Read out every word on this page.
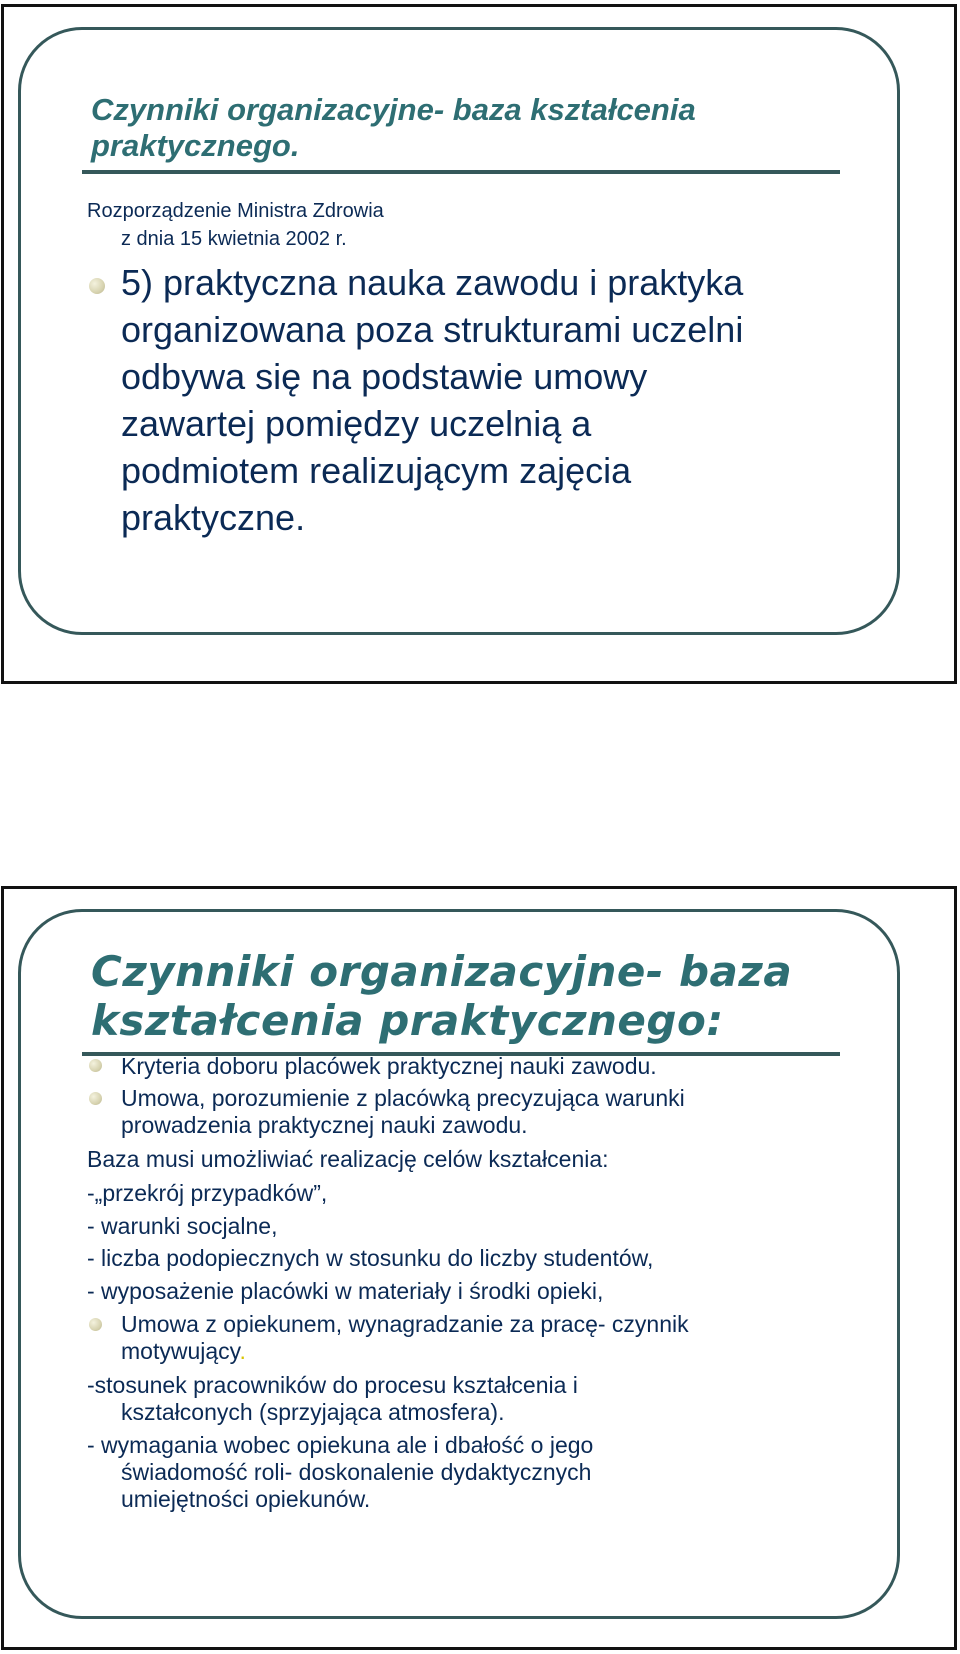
Czynniki organizacyjne- baza kształcenia
praktycznego.

Rozporządzenie Ministra Zdrowia

z dnia 15 kwietnia 2002 r.

5) praktyczna nauka zawodu i praktyka

organizowana poza strukturami uczelni

odbywa się na podstawie umowy

zawartej pomiędzy uczelnią a

podmiotem realizującym zajęcia

praktyczne.

Czynniki organizacyjne- baza
kształcenia praktycznego:

Kryteria doboru placówek praktycznej nauki zawodu.

Umowa, porozumienie z placówką precyzująca warunki

prowadzenia praktycznej nauki zawodu.

Baza musi umożliwiać realizację celów kształcenia:

-„przekrój przypadków”,

- warunki socjalne,

- liczba podopiecznych w stosunku do liczby studentów,

- wyposażenie placówki w materiały i środki opieki,

Umowa z opiekunem, wynagradzanie za pracę- czynnik

motywujący.

-stosunek pracowników do procesu kształcenia i

kształconych (sprzyjająca atmosfera).

- wymagania wobec opiekuna ale i dbałość o jego

świadomość roli- doskonalenie dydaktycznych

umiejętności opiekunów.
